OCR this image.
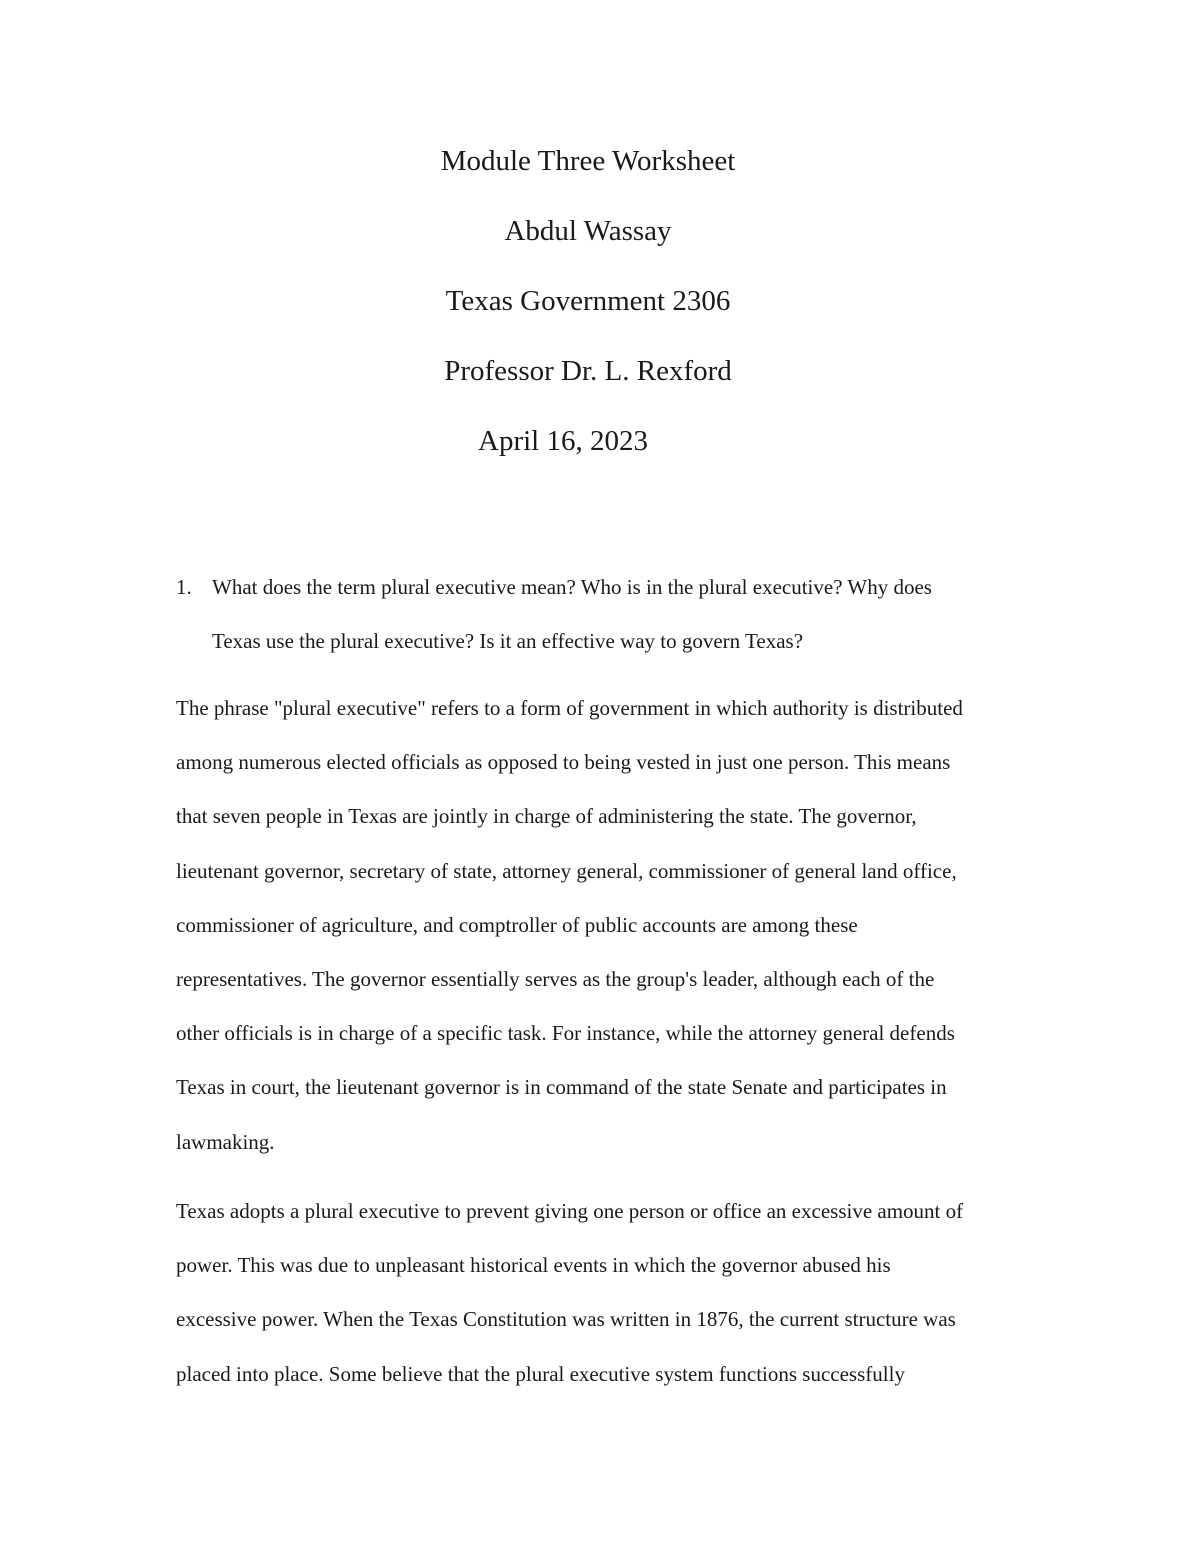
Module Three Worksheet
Abdul Wassay
Texas Government 2306
Professor Dr. L. Rexford
April 16, 2023
1. What does the term plural executive mean? Who is in the plural executive? Why does
Texas use the plural executive? Is it an effective way to govern Texas?

The phrase "plural executive" refers to a form of government in which authority is distributed
among numerous elected officials as opposed to being vested in just one person. This means
that seven people in Texas are jointly in charge of administering the state. The governor,
lieutenant governor, secretary of state, attorney general, commissioner of general land office,
commissioner of agriculture, and comptroller of public accounts are among these
representatives. The governor essentially serves as the group's leader, although each of the
other officials is in charge of a specific task. For instance, while the attorney general defends
Texas in court, the lieutenant governor is in command of the state Senate and participates in
lawmaking.

Texas adopts a plural executive to prevent giving one person or office an excessive amount of
power. This was due to unpleasant historical events in which the governor abused his
excessive power. When the Texas Constitution was written in 1876, the current structure was
placed into place. Some believe that the plural executive system functions successfully
